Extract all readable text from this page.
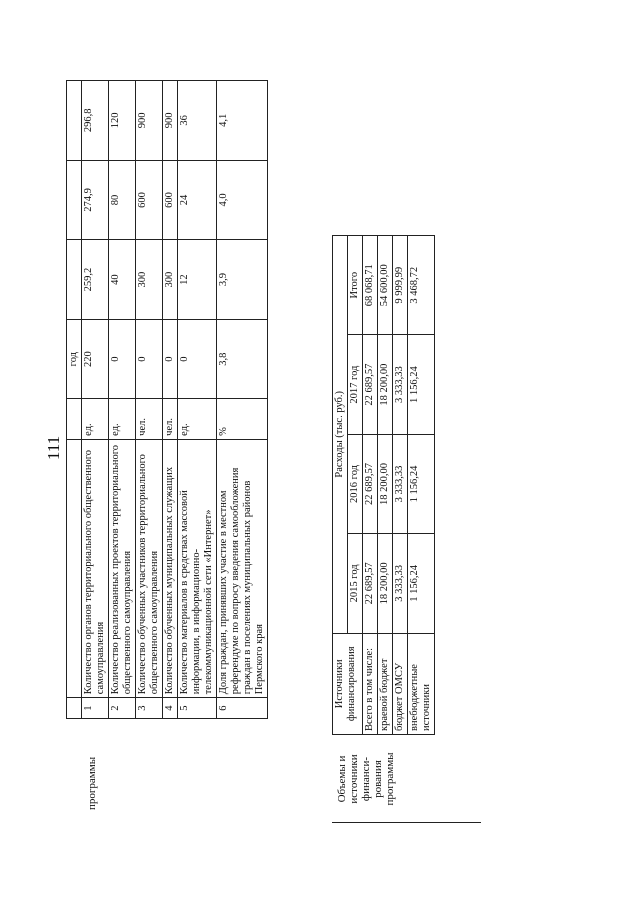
111
программы
			год			
1	Количество органов территориального общественного самоуправления	ед.	220	259,2	274,9	296,8
2	Количество реализованных проектов территориального общественного самоуправления	ед.	0	40	80	120
3	Количество обученных участников территориального общественного самоуправления	чел.	0	300	600	900
4	Количество обученных муниципальных служащих	чел.	0	300	600	900
5	Количество материалов в средствах массовой информации, в информационно-телекоммуникационной сети «Интернет»	ед.	0	12	24	36
6	Доля граждан, принявших участие в местном референдуме по вопросу введения самообложения граждан в поселениях муниципальных районов Пермского края	%	3,8	3,9	4,0	4,1
Объемы и источники финанси-рования программы
Источники финансирования	Расходы (тыс. руб.)			
	2015 год	2016 год	2017 год	Итого
Всего в том числе:	22 689,57	22 689,57	22 689,57	68 068,71
краевой бюджет	18 200,00	18 200,00	18 200,00	54 600,00
бюджет ОМСУ	3 333,33	3 333,33	3 333,33	9 999,99
внебюджетные источники	1 156,24	1 156,24	1 156,24	3 468,72
